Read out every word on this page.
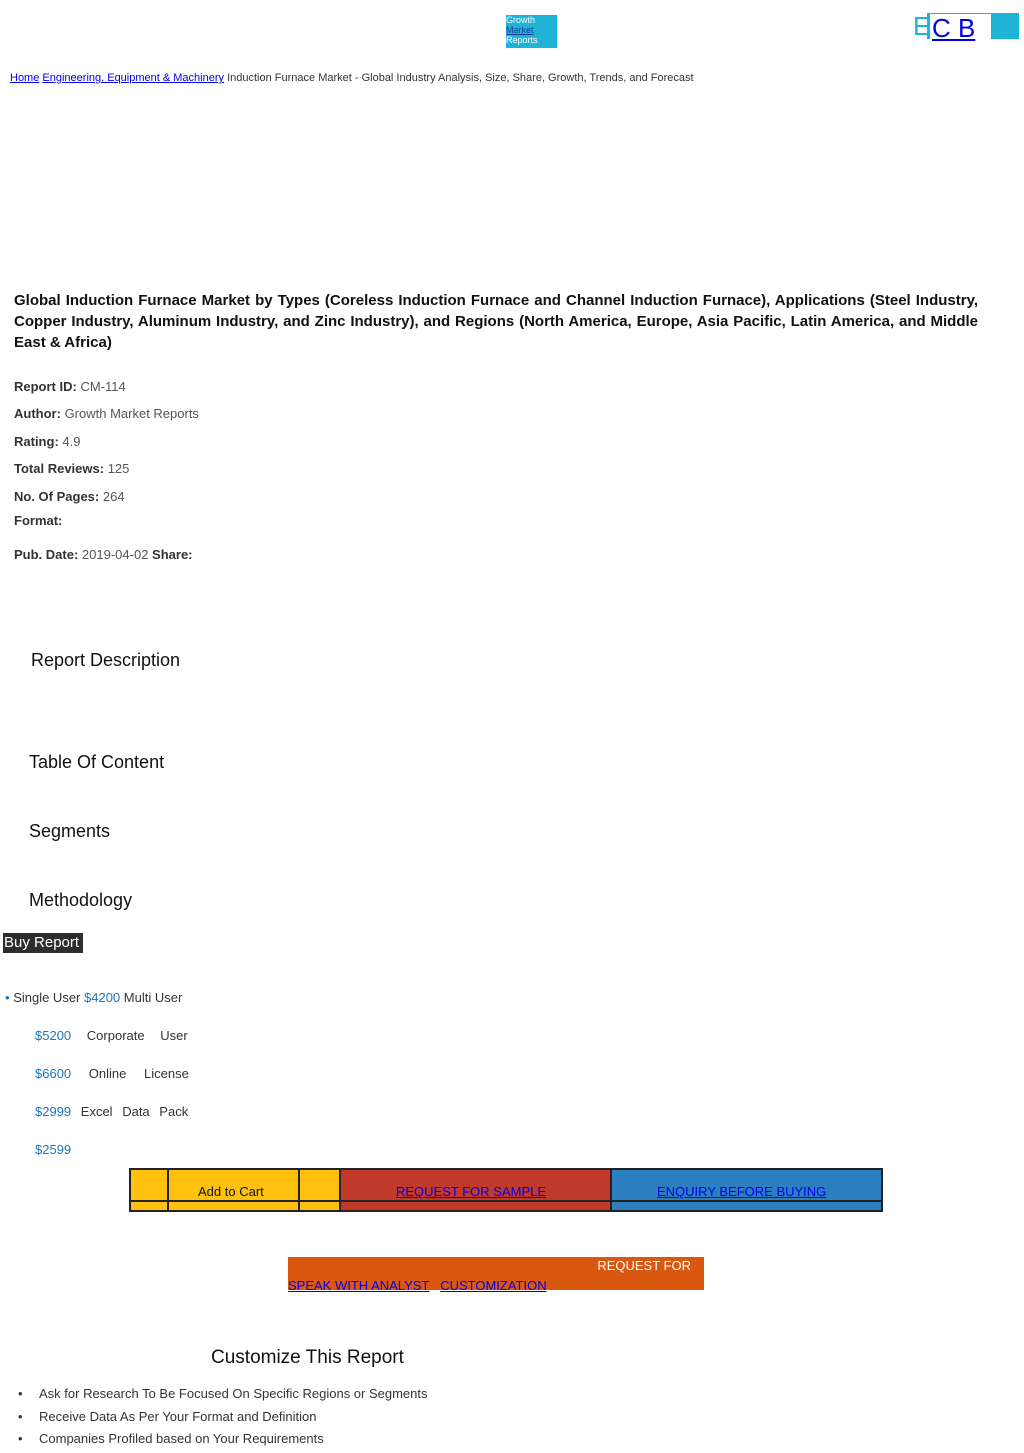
Growth
Market
Reports	E C B
Home Engineering, Equipment & Machinery Induction Furnace Market - Global Industry Analysis, Size, Share, Growth, Trends, and Forecast
Global Induction Furnace Market by Types (Coreless Induction Furnace and Channel Induction Furnace), Applications (Steel Industry, Copper Industry, Aluminum Industry, and Zinc Industry), and Regions (North America, Europe, Asia Pacific, Latin America, and Middle East & Africa)
Report ID: CM-114
Author: Growth Market Reports
Rating: 4.9
Total Reviews: 125
No. Of Pages: 264
Format:
Pub. Date: 2019-04-02 Share:
Report Description
Table Of Content
Segments
Methodology
Buy Report
• Single User $4200 Multi User
$5200 Corporate User
$6600 Online License
$2999 Excel Data Pack
$2599
Add to Cart	REQUEST FOR SAMPLE	ENQUIRY BEFORE BUYING
REQUEST FOR
SPEAK WITH ANALYST CUSTOMIZATION
Customize This Report
• Ask for Research To Be Focused On Specific Regions or Segments
• Receive Data As Per Your Format and Definition
• Companies Profiled based on Your Requirements
